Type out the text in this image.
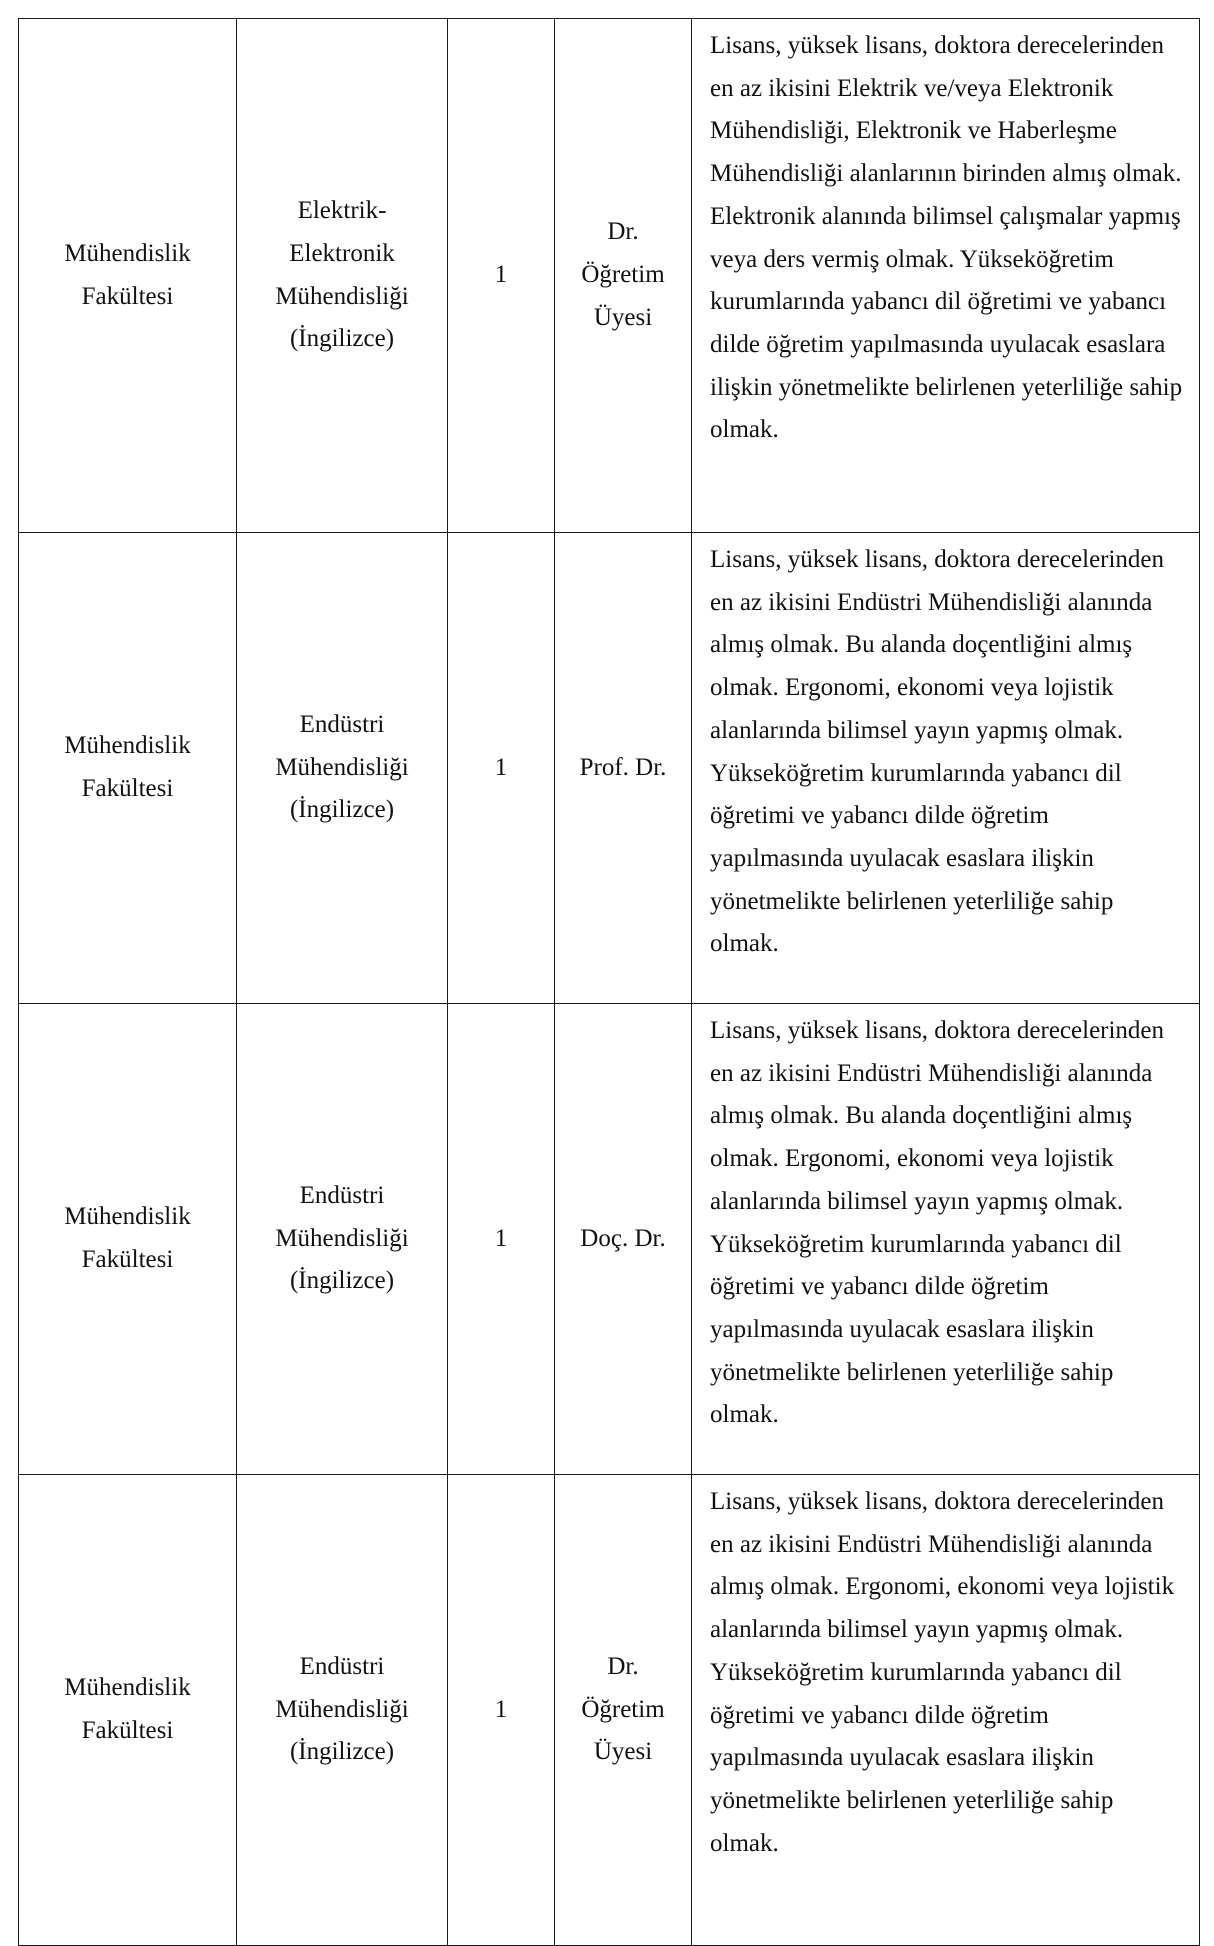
Mühendislik Fakültesi	Elektrik-Elektronik Mühendisliği (İngilizce)	1	Dr. Öğretim Üyesi	Lisans, yüksek lisans, doktora derecelerinden en az ikisini Elektrik ve/veya Elektronik Mühendisliği, Elektronik ve Haberleşme Mühendisliği alanlarının birinden almış olmak. Elektronik alanında bilimsel çalışmalar yapmış veya ders vermiş olmak. Yükseköğretim kurumlarında yabancı dil öğretimi ve yabancı dilde öğretim yapılmasında uyulacak esaslara ilişkin yönetmelikte belirlenen yeterliliğe sahip olmak.

Mühendislik Fakültesi	Endüstri Mühendisliği (İngilizce)	1	Prof. Dr.	Lisans, yüksek lisans, doktora derecelerinden en az ikisini Endüstri Mühendisliği alanında almış olmak. Bu alanda doçentliğini almış olmak. Ergonomi, ekonomi veya lojistik alanlarında bilimsel yayın yapmış olmak. Yükseköğretim kurumlarında yabancı dil öğretimi ve yabancı dilde öğretim yapılmasında uyulacak esaslara ilişkin yönetmelikte belirlenen yeterliliğe sahip olmak.

Mühendislik Fakültesi	Endüstri Mühendisliği (İngilizce)	1	Doç. Dr.	Lisans, yüksek lisans, doktora derecelerinden en az ikisini Endüstri Mühendisliği alanında almış olmak. Bu alanda doçentliğini almış olmak. Ergonomi, ekonomi veya lojistik alanlarında bilimsel yayın yapmış olmak. Yükseköğretim kurumlarında yabancı dil öğretimi ve yabancı dilde öğretim yapılmasında uyulacak esaslara ilişkin yönetmelikte belirlenen yeterliliğe sahip olmak.

Mühendislik Fakültesi	Endüstri Mühendisliği (İngilizce)	1	Dr. Öğretim Üyesi	Lisans, yüksek lisans, doktora derecelerinden en az ikisini Endüstri Mühendisliği alanında almış olmak. Ergonomi, ekonomi veya lojistik alanlarında bilimsel yayın yapmış olmak. Yükseköğretim kurumlarında yabancı dil öğretimi ve yabancı dilde öğretim yapılmasında uyulacak esaslara ilişkin yönetmelikte belirlenen yeterliliğe sahip olmak.
